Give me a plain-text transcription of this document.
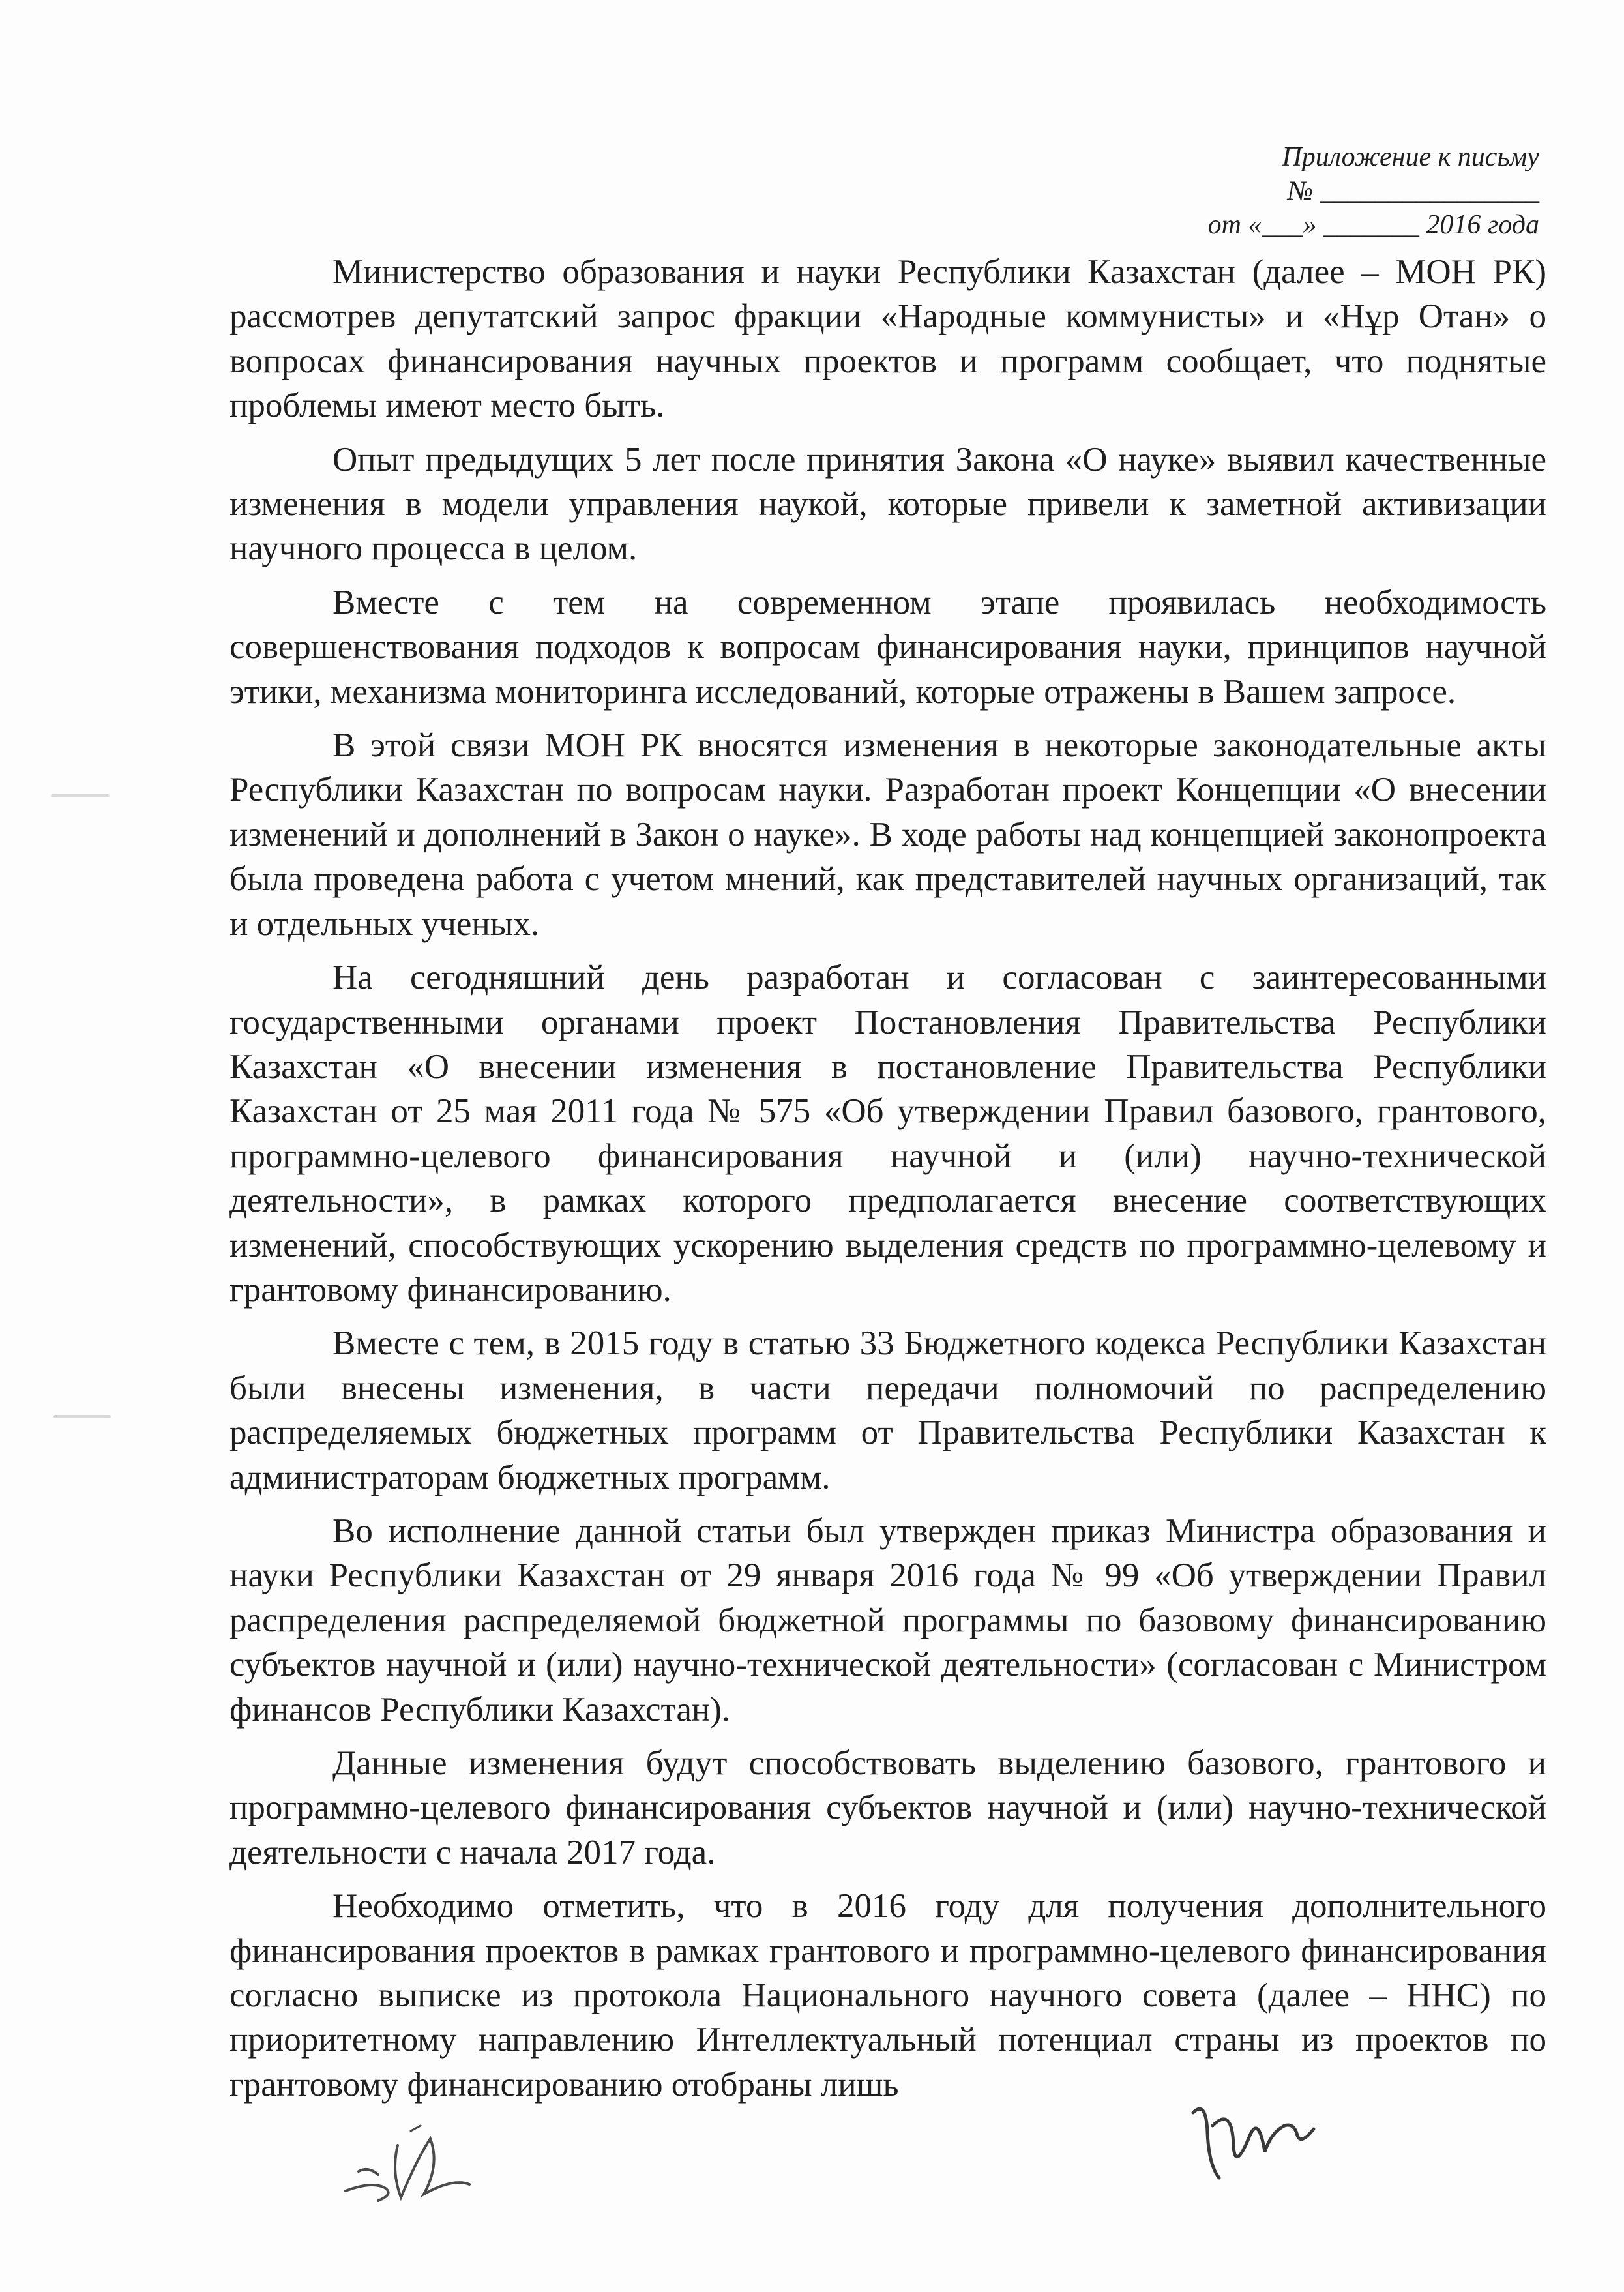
Приложение к письму
№ ________________
от «___» _______ 2016 года

Министерство образования и науки Республики Казахстан (далее – МОН РК) рассмотрев депутатский запрос фракции «Народные коммунисты» и «Нұр Отан» о вопросах финансирования научных проектов и программ сообщает, что поднятые проблемы имеют место быть.

Опыт предыдущих 5 лет после принятия Закона «О науке» выявил качественные изменения в модели управления наукой, которые привели к заметной активизации научного процесса в целом.

Вместе с тем на современном этапе проявилась необходимость совершенствования подходов к вопросам финансирования науки, принципов научной этики, механизма мониторинга исследований, которые отражены в Вашем запросе.

В этой связи МОН РК вносятся изменения в некоторые законодательные акты Республики Казахстан по вопросам науки. Разработан проект Концепции «О внесении изменений и дополнений в Закон о науке». В ходе работы над концепцией законопроекта была проведена работа с учетом мнений, как представителей научных организаций, так и отдельных ученых.

На сегодняшний день разработан и согласован с заинтересованными государственными органами проект Постановления Правительства Республики Казахстан «О внесении изменения в постановление Правительства Республики Казахстан от 25 мая 2011 года № 575 «Об утверждении Правил базового, грантового, программно-целевого финансирования научной и (или) научно-технической деятельности», в рамках которого предполагается внесение соответствующих изменений, способствующих ускорению выделения средств по программно-целевому и грантовому финансированию.

Вместе с тем, в 2015 году в статью 33 Бюджетного кодекса Республики Казахстан были внесены изменения, в части передачи полномочий по распределению распределяемых бюджетных программ от Правительства Республики Казахстан к администраторам бюджетных программ.

Во исполнение данной статьи был утвержден приказ Министра образования и науки Республики Казахстан от 29 января 2016 года № 99 «Об утверждении Правил распределения распределяемой бюджетной программы по базовому финансированию субъектов научной и (или) научно-технической деятельности» (согласован с Министром финансов Республики Казахстан).

Данные изменения будут способствовать выделению базового, грантового и программно-целевого финансирования субъектов научной и (или) научно-технической деятельности с начала 2017 года.

Необходимо отметить, что в 2016 году для получения дополнительного финансирования проектов в рамках грантового и программно-целевого финансирования согласно выписке из протокола Национального научного совета (далее – ННС) по приоритетному направлению Интеллектуальный потенциал страны из проектов по грантовому финансированию отобраны лишь
